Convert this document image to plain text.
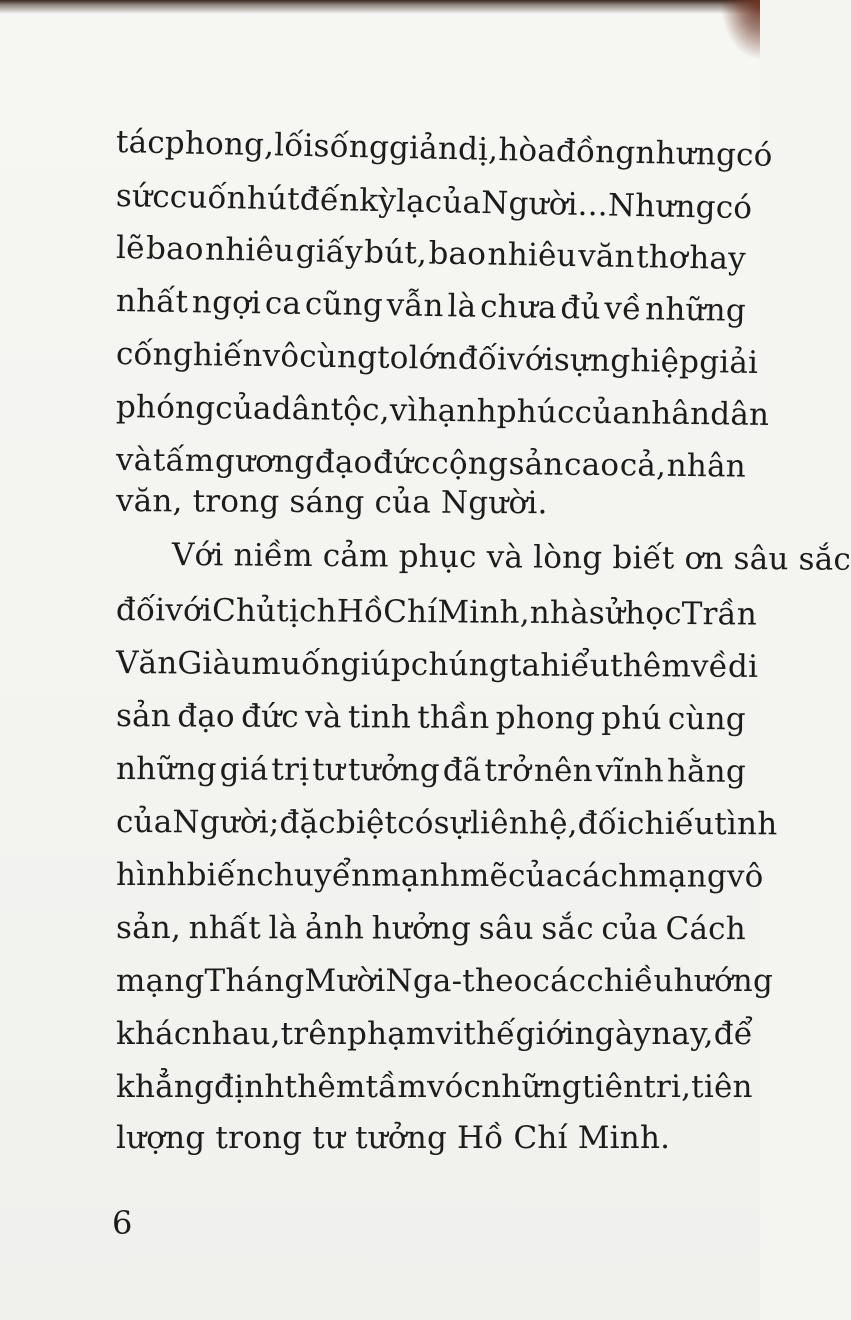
tác phong, lối sống giản dị, hòa đồng nhưng có
sức cuốn hút đến kỳ lạ của Người... Nhưng có
lẽ bao nhiêu giấy bút, bao nhiêu văn thơ hay
nhất ngợi ca cũng vẫn là chưa đủ về những
cống hiến vô cùng to lớn đối với sự nghiệp giải
phóng của dân tộc, vì hạnh phúc của nhân dân
và tấm gương đạo đức cộng sản cao cả, nhân
văn, trong sáng của Người.
Với niềm cảm phục và lòng biết ơn sâu sắc
đối với Chủ tịch Hồ Chí Minh, nhà sử học Trần
Văn Giàu muốn giúp chúng ta hiểu thêm về di
sản đạo đức và tinh thần phong phú cùng
những giá trị tư tưởng đã trở nên vĩnh hằng
của Người; đặc biệt có sự liên hệ, đối chiếu tình
hình biến chuyển mạnh mẽ của cách mạng vô
sản, nhất là ảnh hưởng sâu sắc của Cách
mạng Tháng Mười Nga - theo các chiều hướng
khác nhau, trên phạm vi thế giới ngày nay, để
khẳng định thêm tầm vóc những tiên tri, tiên
lượng trong tư tưởng Hồ Chí Minh.
6
